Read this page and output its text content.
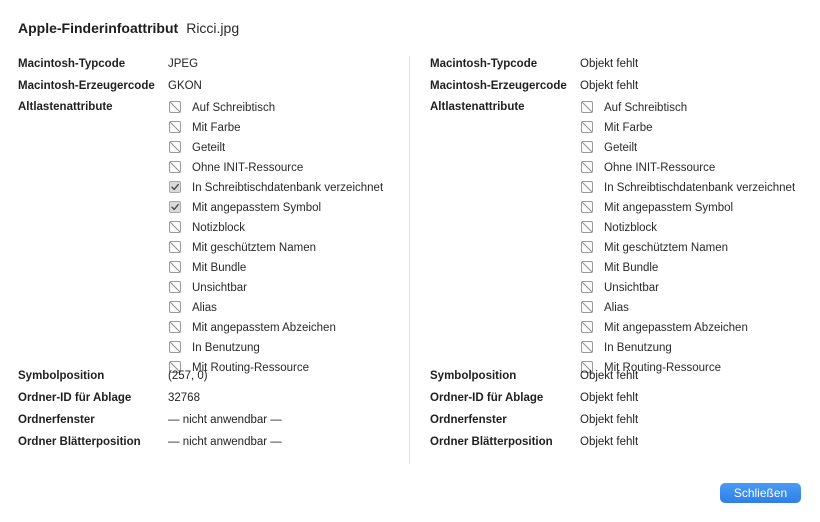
Apple-Finderinfoattribut Ricci.jpg
Macintosh-Typcode	JPEG
Macintosh-Erzeugercode GKON
Altlastenattribute	Auf Schreibtisch
Mit Farbe
Geteilt
Ohne INIT-Ressource
In Schreibtischdatenbank verzeichnet
Mit angepasstem Symbol
Notizblock
Mit geschütztem Namen
Mit Bundle
Unsichtbar
Alias
Mit angepasstem Abzeichen
In Benutzung
Mit Routing-Ressource
Symbolposition	(257, 0)
Ordner-ID für Ablage	32768
Ordnerfenster	— nicht anwendbar —
Ordner Blätterposition — nicht anwendbar —
Macintosh-Typcode	Objekt fehlt
Macintosh-Erzeugercode Objekt fehlt
Altlastenattribute	Auf Schreibtisch
Mit Farbe
Geteilt
Ohne INIT-Ressource
In Schreibtischdatenbank verzeichnet
Mit angepasstem Symbol
Notizblock
Mit geschütztem Namen
Mit Bundle
Unsichtbar
Alias
Mit angepasstem Abzeichen
In Benutzung
Mit Routing-Ressource
Symbolposition	Objekt fehlt
Ordner-ID für Ablage	Objekt fehlt
Ordnerfenster	Objekt fehlt
Ordner Blätterposition Objekt fehlt
Schließen
